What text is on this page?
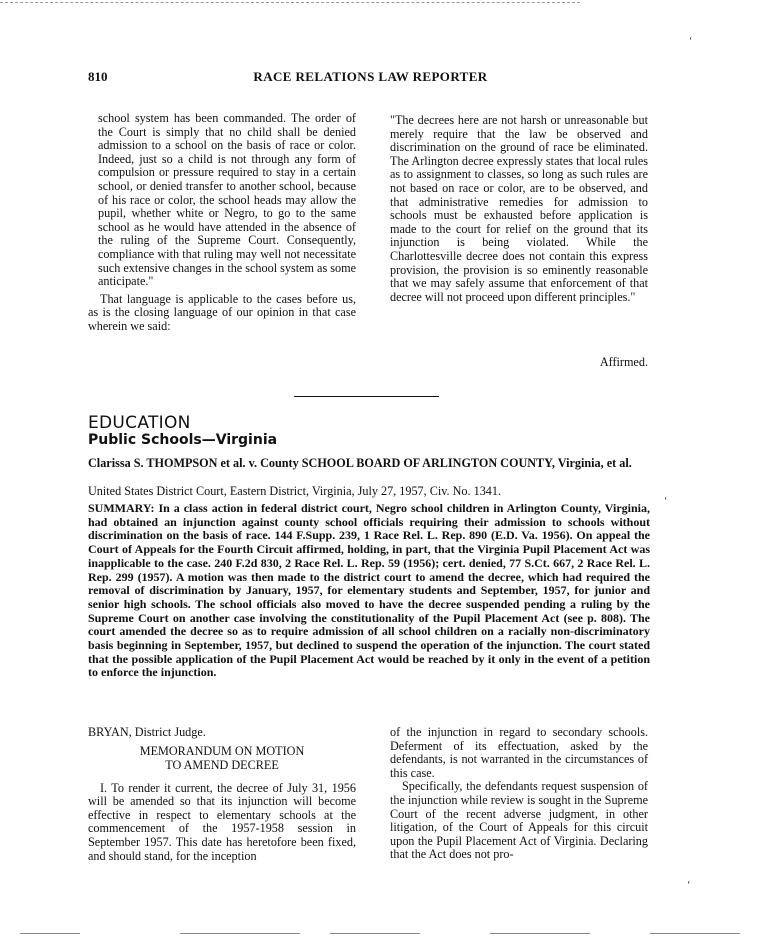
810	RACE RELATIONS LAW REPORTER

school system has been commanded. The order of the Court is simply that no child shall be denied admission to a school on the basis of race or color. Indeed, just so a child is not through any form of compulsion or pressure required to stay in a certain school, or denied transfer to another school, because of his race or color, the school heads may allow the pupil, whether white or Negro, to go to the same school as he would have attended in the absence of the ruling of the Supreme Court. Consequently, compliance with that ruling may well not necessitate such extensive changes in the school system as some anticipate."

That language is applicable to the cases before us, as is the closing language of our opinion in that case wherein we said:

"The decrees here are not harsh or unreasonable but merely require that the law be observed and discrimination on the ground of race be eliminated. The Arlington decree expressly states that local rules as to assignment to classes, so long as such rules are not based on race or color, are to be observed, and that administrative remedies for admission to schools must be exhausted before application is made to the court for relief on the ground that its injunction is being violated. While the Charlottesville decree does not contain this express provision, the provision is so eminently reasonable that we may safely assume that enforcement of that decree will not proceed upon different principles."

Affirmed.
EDUCATION
Public Schools—Virginia
Clarissa S. THOMPSON et al. v. County SCHOOL BOARD OF ARLINGTON COUNTY, Virginia, et al.
United States District Court, Eastern District, Virginia, July 27, 1957, Civ. No. 1341.
SUMMARY: In a class action in federal district court, Negro school children in Arlington County, Virginia, had obtained an injunction against county school officials requiring their admission to schools without discrimination on the basis of race. 144 F.Supp. 239, 1 Race Rel. L. Rep. 890 (E.D. Va. 1956). On appeal the Court of Appeals for the Fourth Circuit affirmed, holding, in part, that the Virginia Pupil Placement Act was inapplicable to the case. 240 F.2d 830, 2 Race Rel. L. Rep. 59 (1956); cert. denied, 77 S.Ct. 667, 2 Race Rel. L. Rep. 299 (1957). A motion was then made to the district court to amend the decree, which had required the removal of discrimination by January, 1957, for elementary students and September, 1957, for junior and senior high schools. The school officials also moved to have the decree suspended pending a ruling by the Supreme Court on another case involving the constitutionality of the Pupil Placement Act (see p. 808). The court amended the decree so as to require admission of all school children on a racially non-discriminatory basis beginning in September, 1957, but declined to suspend the operation of the injunction. The court stated that the possible application of the Pupil Placement Act would be reached by it only in the event of a petition to enforce the injunction.

BRYAN, District Judge.

MEMORANDUM ON MOTION
TO AMEND DECREE

I. To render it current, the decree of July 31, 1956 will be amended so that its injunction will become effective in respect to elementary schools at the commencement of the 1957-1958 session in September 1957. This date has heretofore been fixed, and should stand, for the inception

of the injunction in regard to secondary schools. Deferment of its effectuation, asked by the defendants, is not warranted in the circumstances of this case.

Specifically, the defendants request suspension of the injunction while review is sought in the Supreme Court of the recent adverse judgment, in other litigation, of the Court of Appeals for this circuit upon the Pupil Placement Act of Virginia. Declaring that the Act does not pro-

‘
‘
‘
